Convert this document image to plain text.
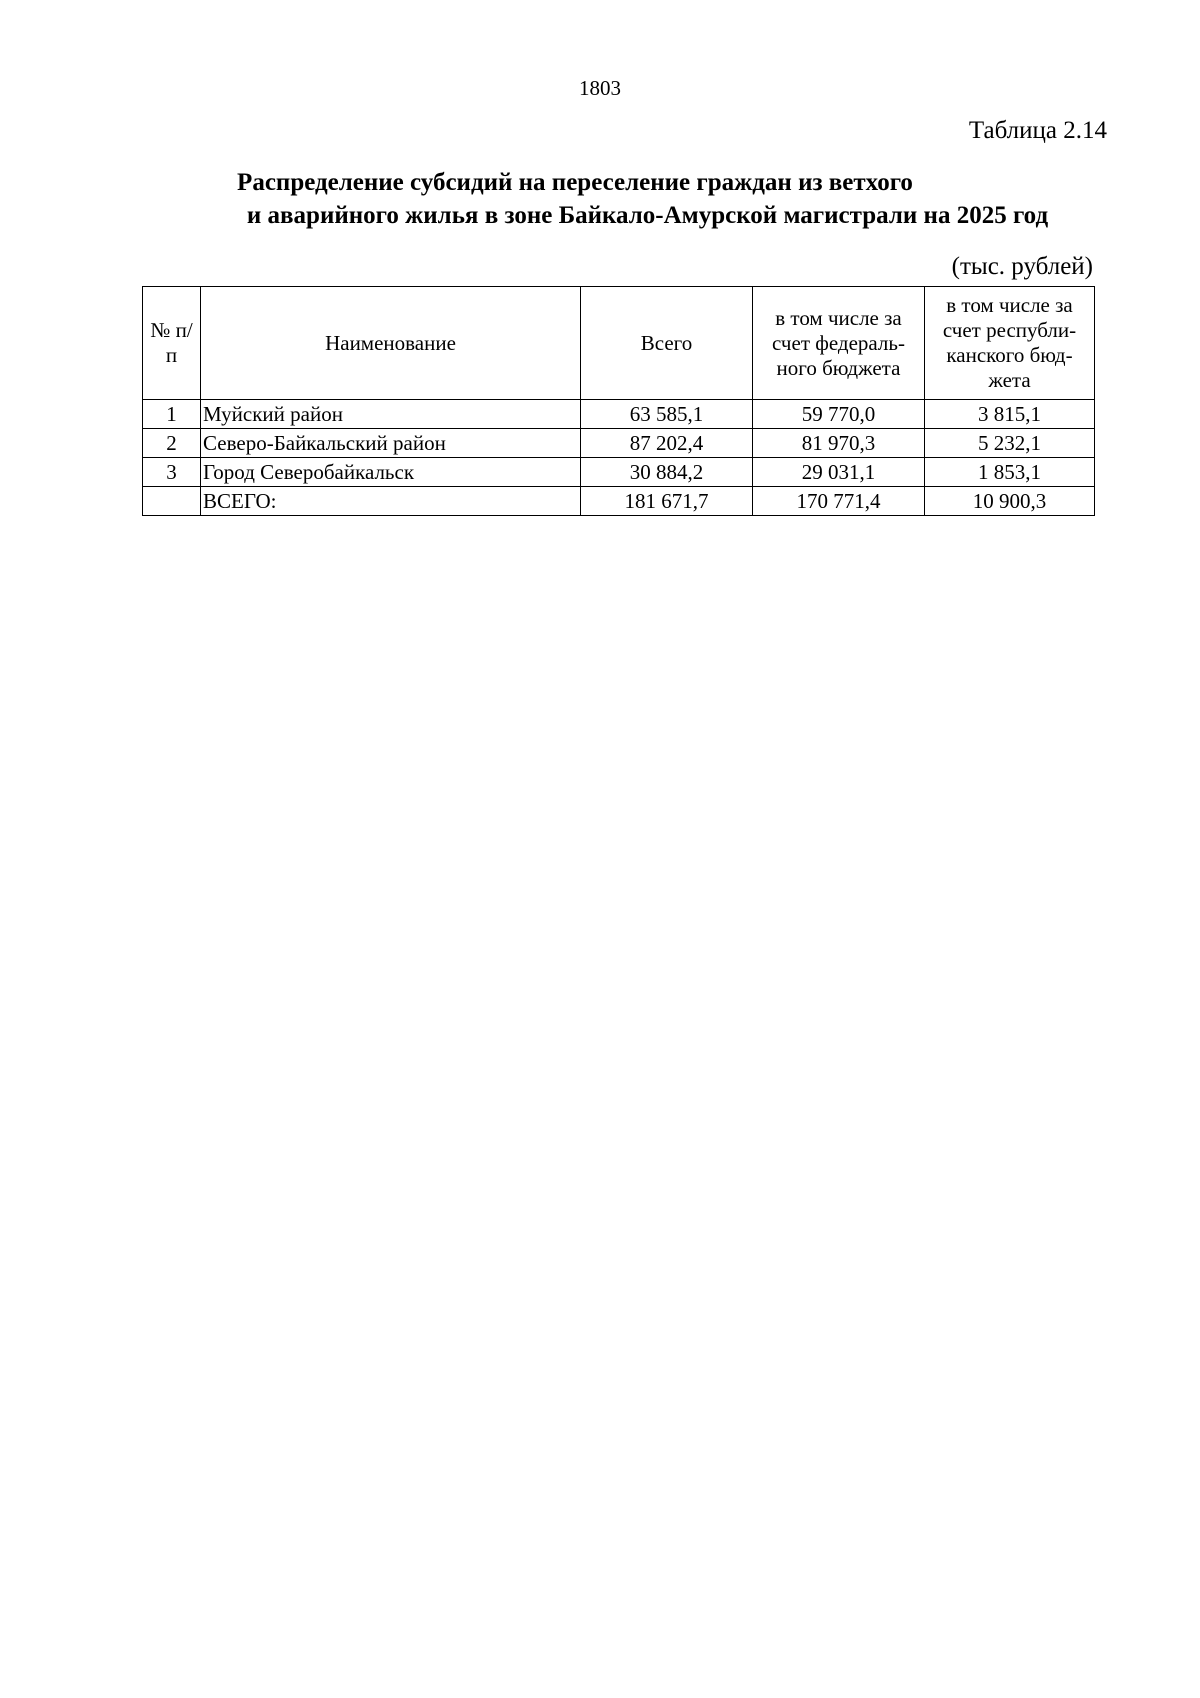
1803
Таблица 2.14
Распределение субсидий на переселение граждан из ветхого
и аварийного жилья в зоне Байкало-Амурской магистрали на 2025 год
(тыс. рублей)
№ п/п	Наименование	Всего	в том числе за счет федераль-ного бюджета	в том числе за счет республи-канского бюд-жета
1	Муйский район	63 585,1	59 770,0	3 815,1
2	Северо-Байкальский район	87 202,4	81 970,3	5 232,1
3	Город Северобайкальск	30 884,2	29 031,1	1 853,1
	ВСЕГО:	181 671,7	170 771,4	10 900,3
